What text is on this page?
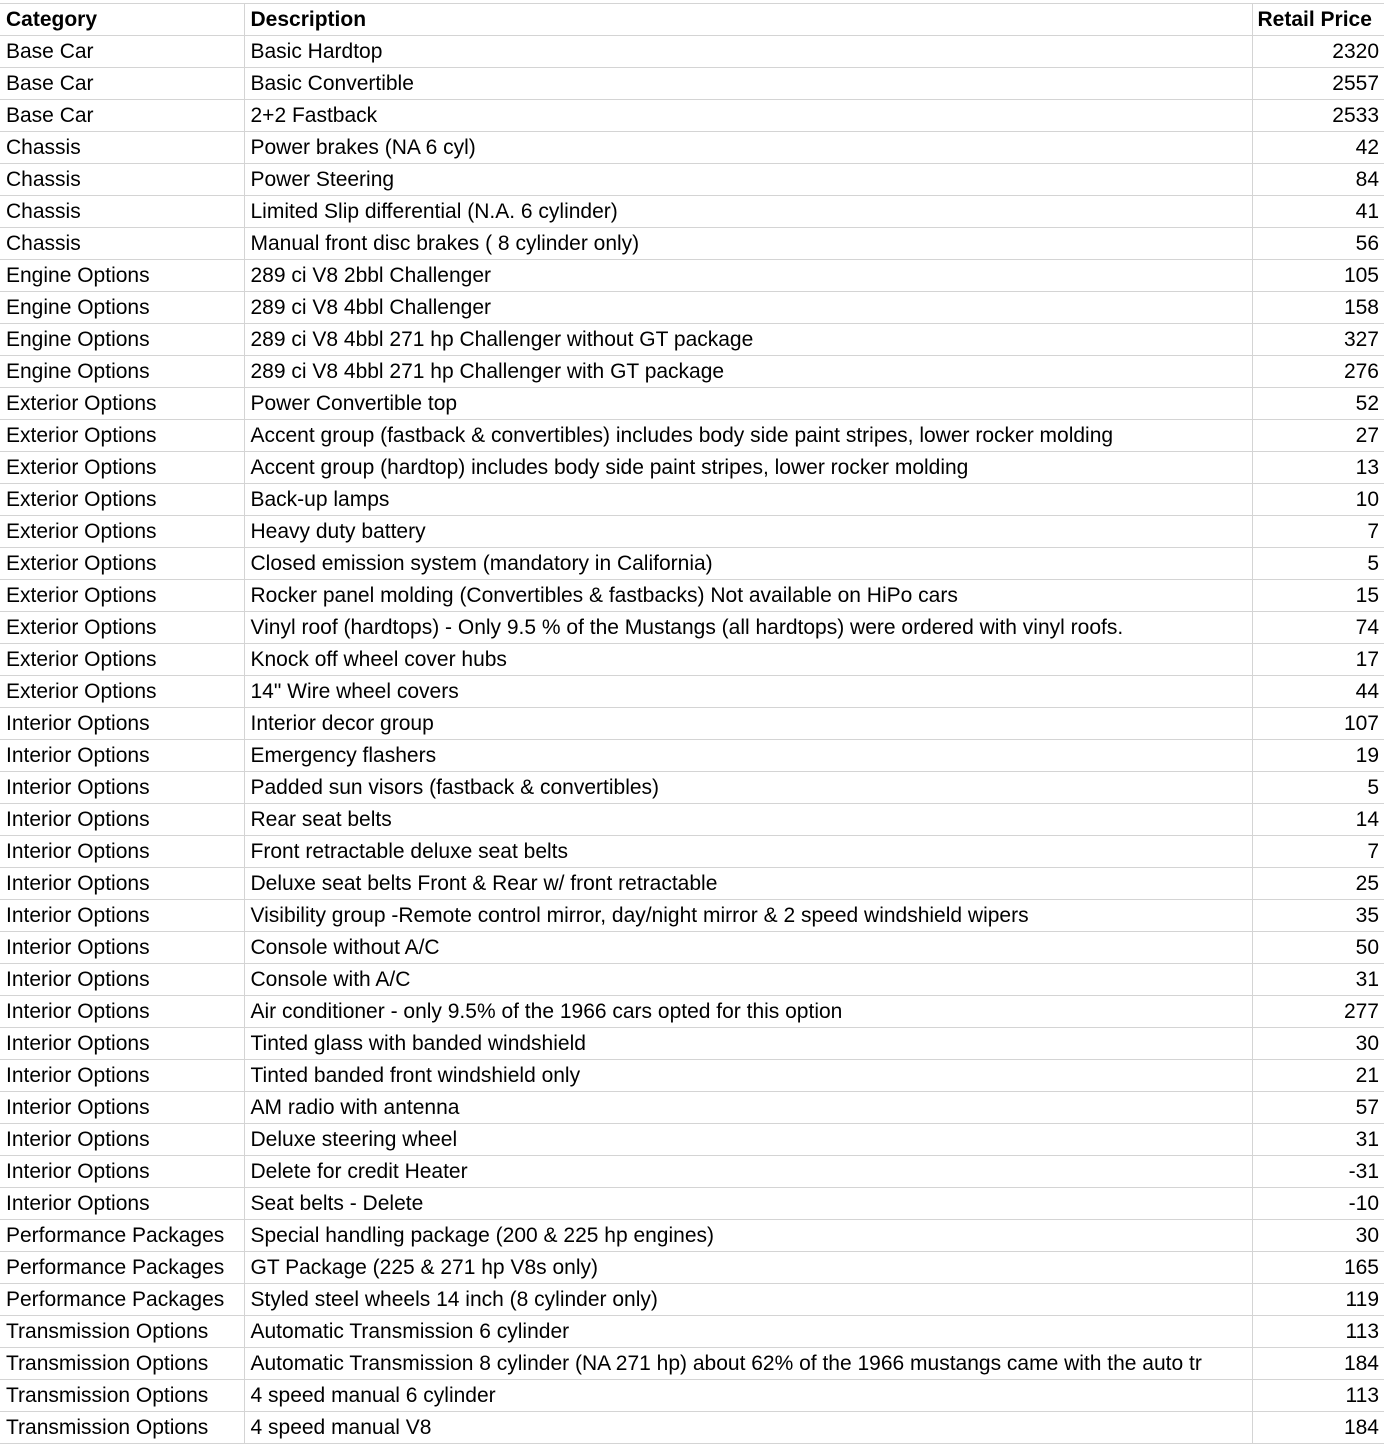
Category	Description	Retail Price
Base Car	Basic Hardtop	2320
Base Car	Basic Convertible	2557
Base Car	2+2 Fastback	2533
Chassis	Power brakes (NA 6 cyl)	42
Chassis	Power Steering	84
Chassis	Limited Slip differential (N.A. 6 cylinder)	41
Chassis	Manual front disc brakes ( 8 cylinder only)	56
Engine Options	289 ci V8 2bbl Challenger	105
Engine Options	289 ci V8 4bbl Challenger	158
Engine Options	289 ci V8 4bbl 271 hp Challenger without GT package	327
Engine Options	289 ci V8 4bbl 271 hp Challenger with GT package	276
Exterior Options	Power Convertible top	52
Exterior Options	Accent group (fastback & convertibles) includes body side paint stripes, lower rocker molding	27
Exterior Options	Accent group (hardtop) includes body side paint stripes, lower rocker molding	13
Exterior Options	Back-up lamps	10
Exterior Options	Heavy duty battery	7
Exterior Options	Closed emission system (mandatory in California)	5
Exterior Options	Rocker panel molding (Convertibles & fastbacks) Not available on HiPo cars	15
Exterior Options	Vinyl roof (hardtops) - Only 9.5 % of the Mustangs (all hardtops) were ordered with vinyl roofs.	74
Exterior Options	Knock off wheel cover hubs	17
Exterior Options	14" Wire wheel covers	44
Interior Options	Interior decor group	107
Interior Options	Emergency flashers	19
Interior Options	Padded sun visors (fastback & convertibles)	5
Interior Options	Rear seat belts	14
Interior Options	Front retractable deluxe seat belts	7
Interior Options	Deluxe seat belts Front & Rear w/ front retractable	25
Interior Options	Visibility group -Remote control mirror, day/night mirror & 2 speed windshield wipers	35
Interior Options	Console without A/C	50
Interior Options	Console with A/C	31
Interior Options	Air conditioner - only 9.5% of the 1966 cars opted for this option	277
Interior Options	Tinted glass with banded windshield	30
Interior Options	Tinted banded front windshield only	21
Interior Options	AM radio with antenna	57
Interior Options	Deluxe steering wheel	31
Interior Options	Delete for credit Heater	-31
Interior Options	Seat belts - Delete	-10
Performance Packages	Special handling package (200 & 225 hp engines)	30
Performance Packages	GT Package (225 & 271 hp V8s only)	165
Performance Packages	Styled steel wheels 14 inch (8 cylinder only)	119
Transmission Options	Automatic Transmission 6 cylinder	113
Transmission Options	Automatic Transmission 8 cylinder (NA 271 hp) about 62% of the 1966 mustangs came with the auto tr	184
Transmission Options	4 speed manual 6 cylinder	113
Transmission Options	4 speed manual V8	184
